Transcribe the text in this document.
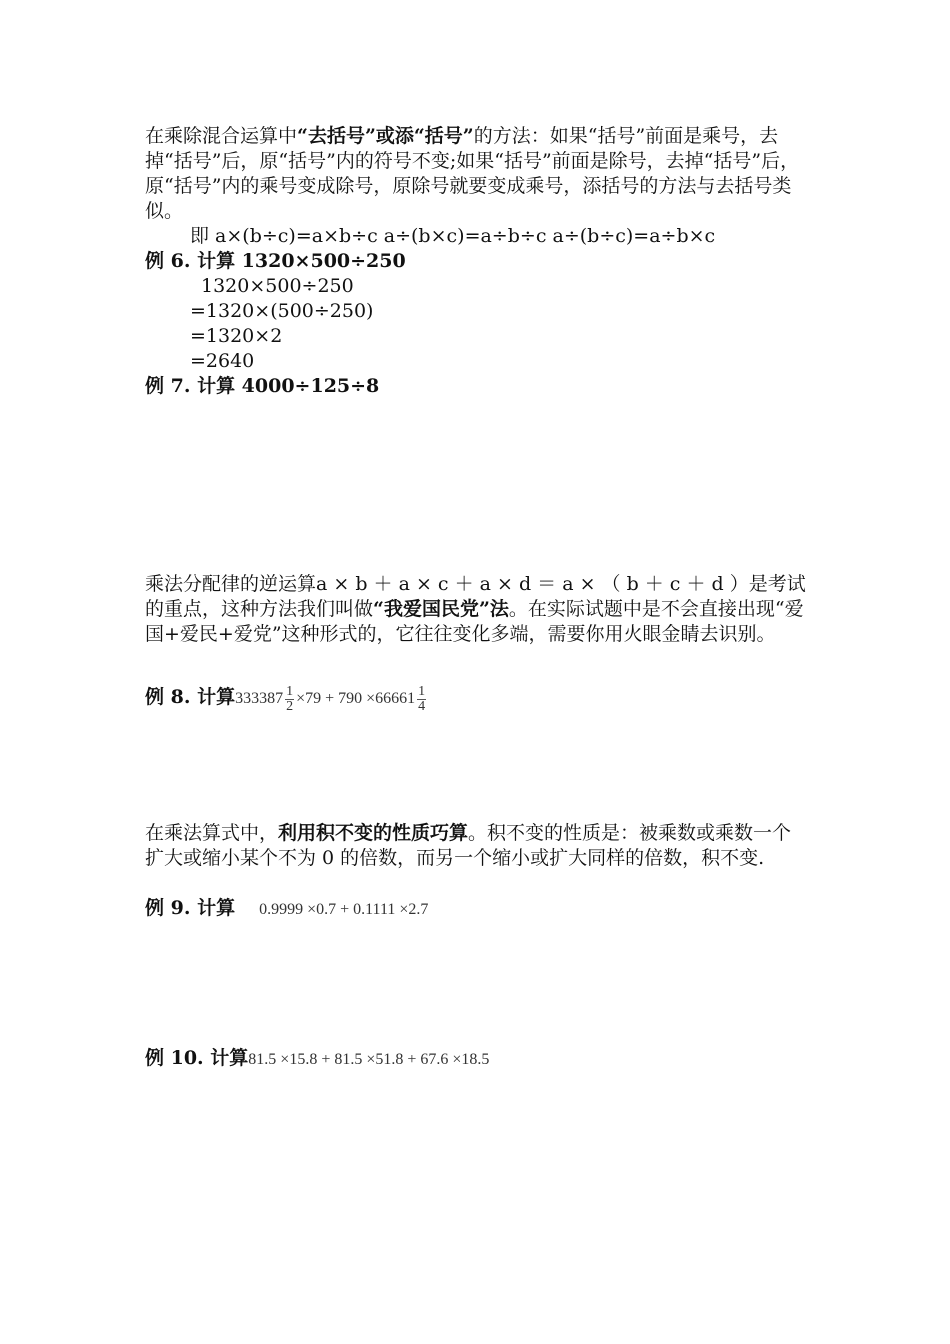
在乘除混合运算中“去括号”或添“括号”的方法：如果“括号”前面是乘号，去掉“括号”后，原“括号”内的符号不变;如果“括号”前面是除号，去掉“括号”后，原“括号”内的乘号变成除号，原除号就要变成乘号，添括号的方法与去括号类似。

即 a×(b÷c)=a×b÷c a÷(b×c)=a÷b÷c a÷(b÷c)=a÷b×c
例 6. 计算 1320×500÷250
1320×500÷250
=1320×(500÷250)
=1320×2
=2640
例 7. 计算 4000÷125÷8

乘法分配律的逆运算a × b ＋ a × c ＋ a × d ＝ a × （ b ＋ c ＋ d ）是考试的重点，这种方法我们叫做“我爱国民党”法。在实际试题中是不会直接出现“爱国+爱民+爱党”这种形式的，它往往变化多端，需要你用火眼金睛去识别。

例 8. 计算$333387 \frac{1}{2} \times 79 + 790 \times 66661 \frac{1}{4}$

在乘法算式中，利用积不变的性质巧算。积不变的性质是：被乘数或乘数一个扩大或缩小某个不为 0 的倍数，而另一个缩小或扩大同样的倍数，积不变.

例 9. 计算 0.9999 ×0.7 + 0.1111 ×2.7
例 10. 计算81.5 ×15.8 + 81.5 ×51.8 + 67.6 ×18.5
